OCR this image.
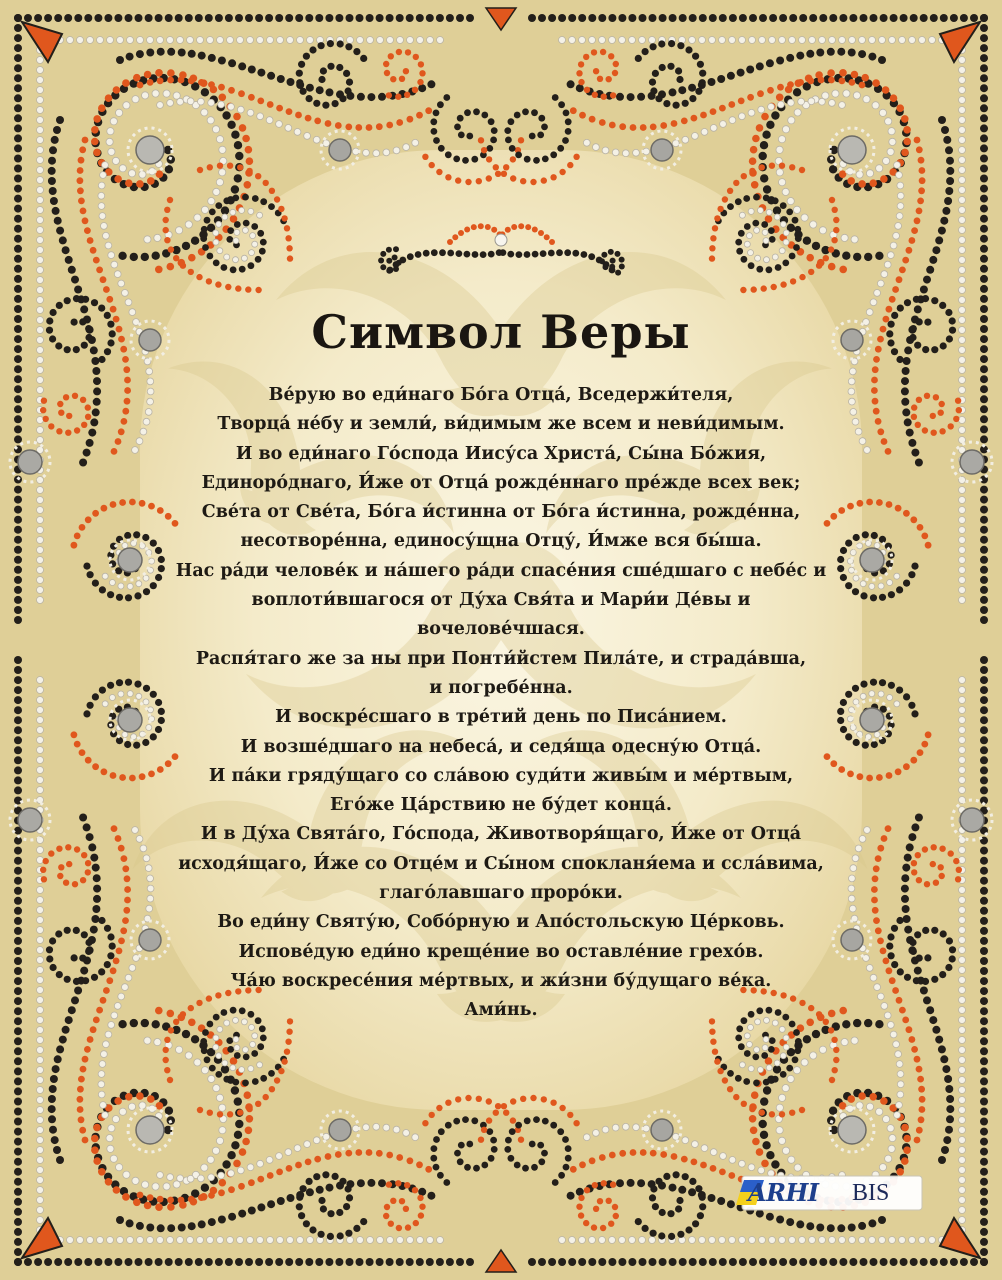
Символ Веры
Ве́рую во еди́наго Бо́га Отца́, Вседержи́теля,
Творца́ не́бу и земли́, ви́димым же всем и неви́димым.
И во еди́наго Го́спода Иису́са Христа́, Сы́на Бо́жия,
Единоро́днаго, И́же от Отца́ рожде́ннаго пре́жде всех век;
Све́та от Све́та, Бо́га и́стинна от Бо́га и́стинна, рожде́нна,
несотворе́нна, единосу́щна Отцу́, И́мже вся бы́ша.
Нас ра́ди челове́к и на́шего ра́ди спасе́ния сше́дшаго с небе́с и
воплоти́вшагося от Ду́ха Свя́та и Мари́и Де́вы и
вочелове́чшася.
Распя́таго же за ны при Понти́йстем Пила́те, и страда́вша,
и погребе́нна.
И воскре́сшаго в тре́тий день по Писа́нием.
И возше́дшаго на небеса́, и седя́ща одесну́ю Отца́.
И па́ки гряду́щаго со сла́вою суди́ти живы́м и ме́ртвым,
Его́же Ца́рствию не бу́дет конца́.
И в Ду́ха Свята́го, Го́спода, Животворя́щаго, И́же от Отца́
исходя́щаго, И́же со Отце́м и Сы́ном спокланя́ема и ссла́вима,
глаго́лавшаго проро́ки.
Во еди́ну Святу́ю, Собо́рную и Апо́стольскую Це́рковь.
Испове́дую еди́но креще́ние во оставле́ние грехо́в.
Ча́ю воскресе́ния ме́ртвых, и жи́зни бу́дущаго ве́ка.
Ами́нь.
ARHI BIS
